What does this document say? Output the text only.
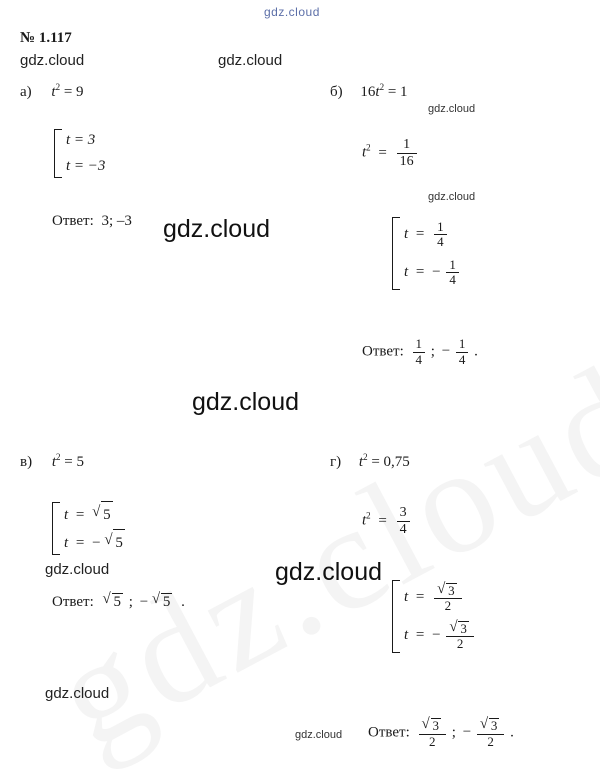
gdz.cloud
№ 1.117
а) $t^2 = 9$
t = 3
t = −3
Ответ: 3; –3
б) $16t^2 = 1$
$t^2 = \frac{1}{16}$
$t = \frac{1}{4}$
t = − $\frac{1}{4}$
Ответ: $\frac{1}{4}$ ; − $\frac{1}{4}$ .
в) $t^2 = 5$
t = √ 5
t = − √ 5
Ответ: √ 5 ; − √ 5 .
г) $t^2 = 0,75$
$t^2 = \frac{3}{4}$
t = √ $\frac{3}{2}$
t = − √ $\frac{3}{2}$
Ответ: √ $\frac{3}{2}$ ; − √ $\frac{3}{2}$ .
gdz.cloud	gdz.cloud
gdz.cloud
gdz.cloud
gdz.cloud
gdz.cloud
gdz.cloud	gdz.cloud
gdz.cloud
gdz.cloud
